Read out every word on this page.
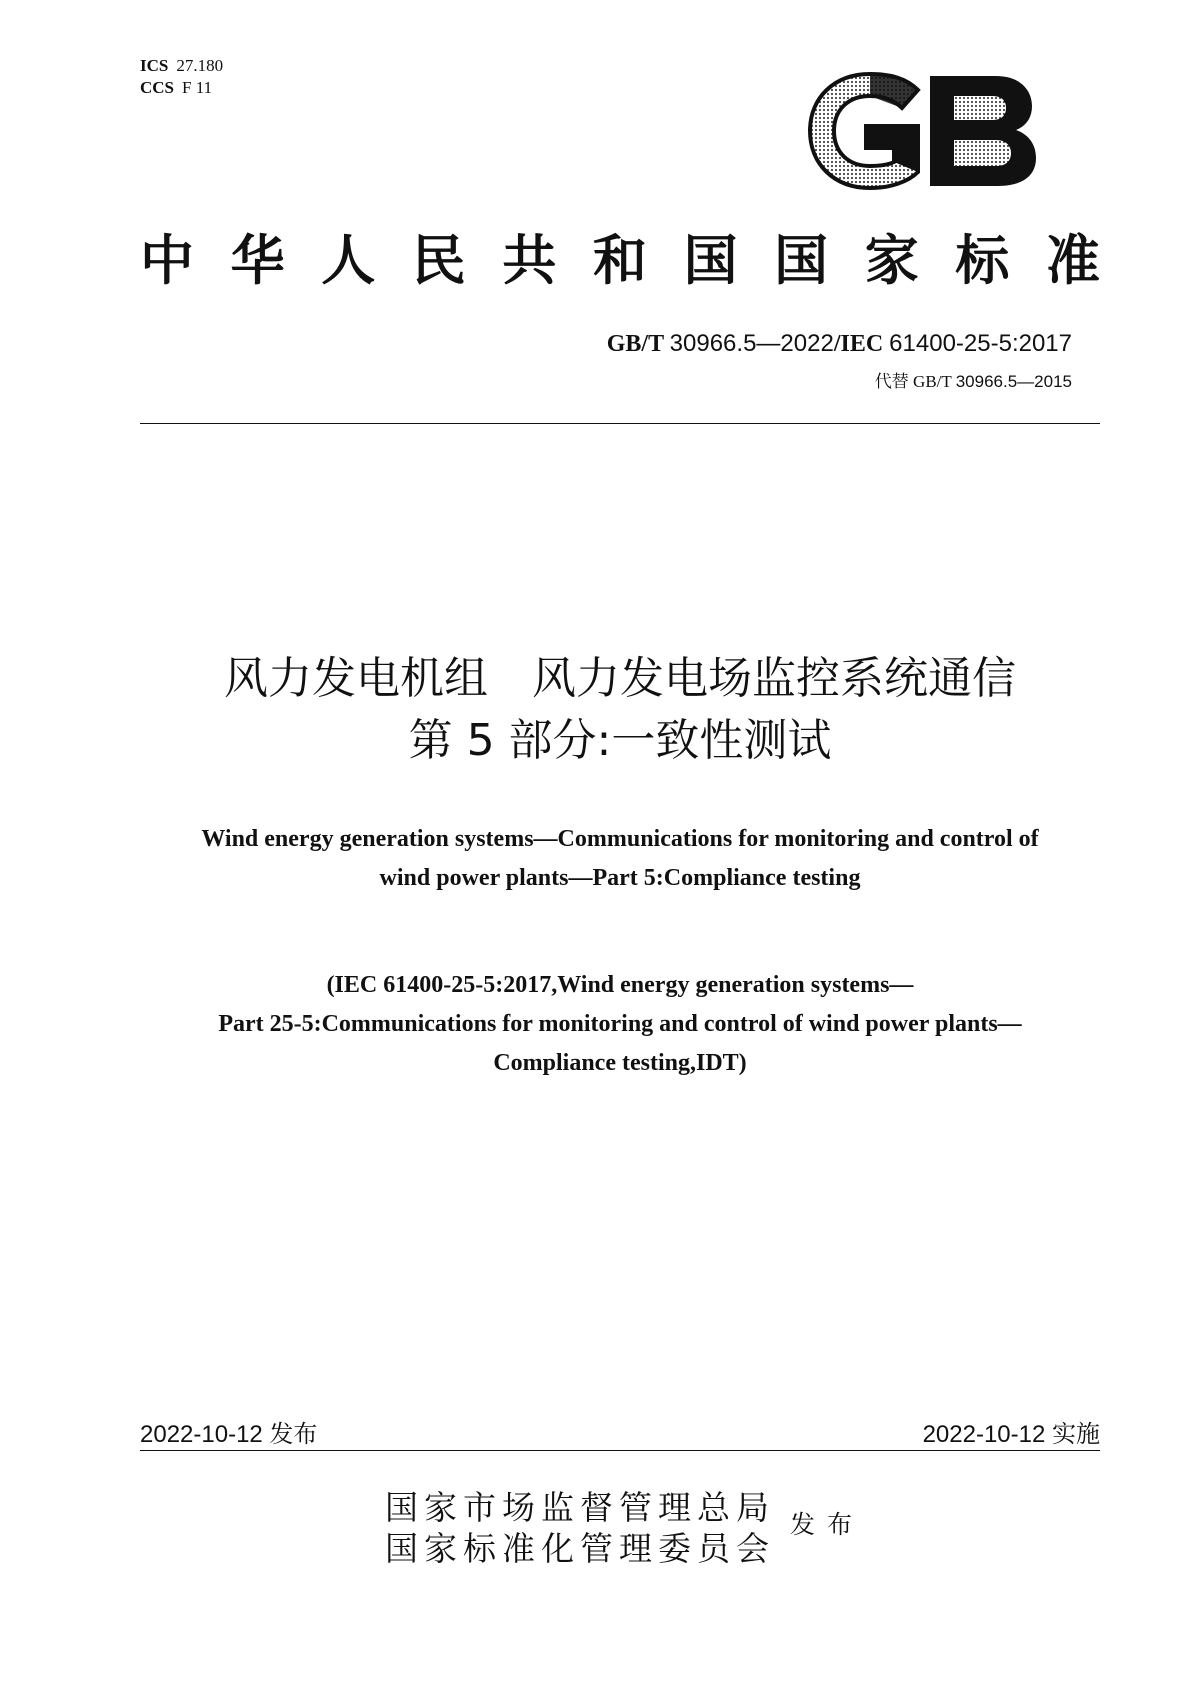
ICS 27.180
CCS F 11
中 华 人 民 共 和 国 国 家 标 准
GB/T 30966.5—2022/IEC 61400-25-5:2017
代替 GB/T 30966.5—2015
风力发电机组　风力发电场监控系统通信
第 5 部分:一致性测试
Wind energy generation systems—Communications for monitoring and control of
wind power plants—Part 5:Compliance testing
(IEC 61400-25-5:2017,Wind energy generation systems—
Part 25-5:Communications for monitoring and control of wind power plants—
Compliance testing,IDT)
2022-10-12 发布	2022-10-12 实施
国家市场监督管理总局
国家标准化管理委员会
发布
